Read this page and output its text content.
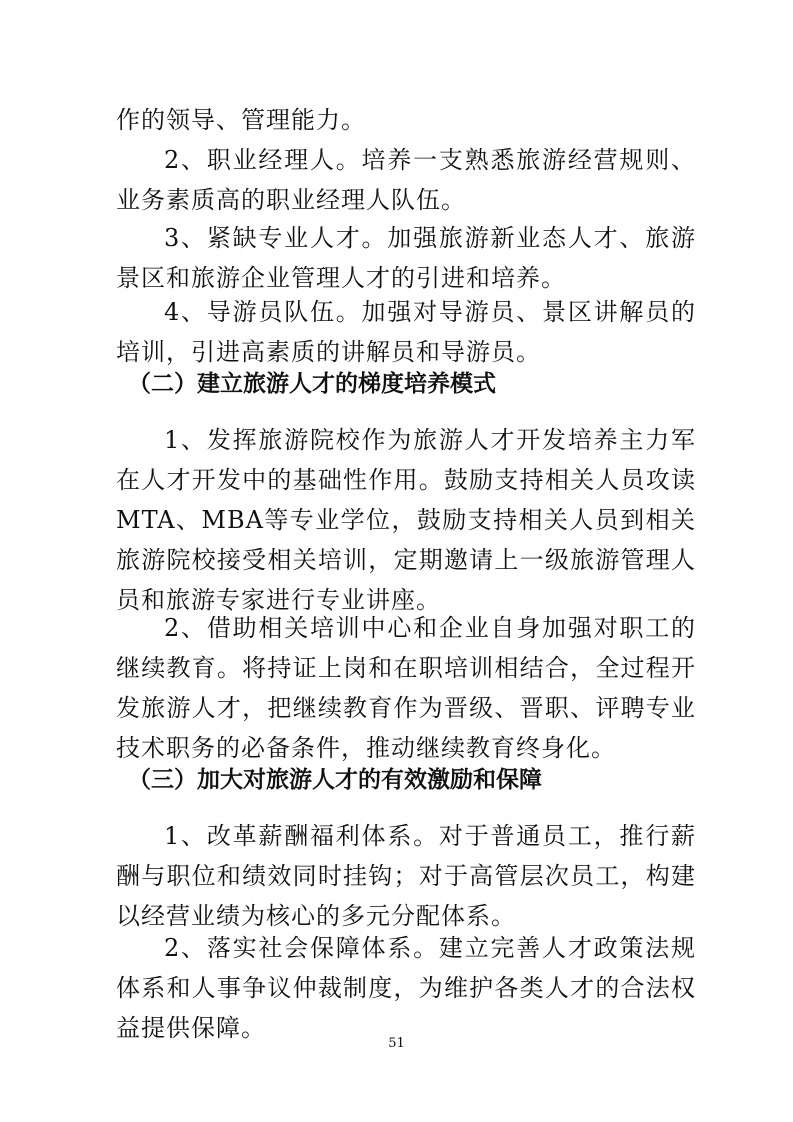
作的领导、管理能力。

2、职业经理人。培养一支熟悉旅游经营规则、业务素质高的职业经理人队伍。

3、紧缺专业人才。加强旅游新业态人才、旅游景区和旅游企业管理人才的引进和培养。

4、导游员队伍。加强对导游员、景区讲解员的培训，引进高素质的讲解员和导游员。

（二）建立旅游人才的梯度培养模式

1、发挥旅游院校作为旅游人才开发培养主力军在人才开发中的基础性作用。鼓励支持相关人员攻读MTA、MBA等专业学位，鼓励支持相关人员到相关旅游院校接受相关培训，定期邀请上一级旅游管理人员和旅游专家进行专业讲座。

2、借助相关培训中心和企业自身加强对职工的继续教育。将持证上岗和在职培训相结合，全过程开发旅游人才，把继续教育作为晋级、晋职、评聘专业技术职务的必备条件，推动继续教育终身化。

（三）加大对旅游人才的有效激励和保障

1、改革薪酬福利体系。对于普通员工，推行薪酬与职位和绩效同时挂钩；对于高管层次员工，构建以经营业绩为核心的多元分配体系。

2、落实社会保障体系。建立完善人才政策法规体系和人事争议仲裁制度，为维护各类人才的合法权益提供保障。

51
